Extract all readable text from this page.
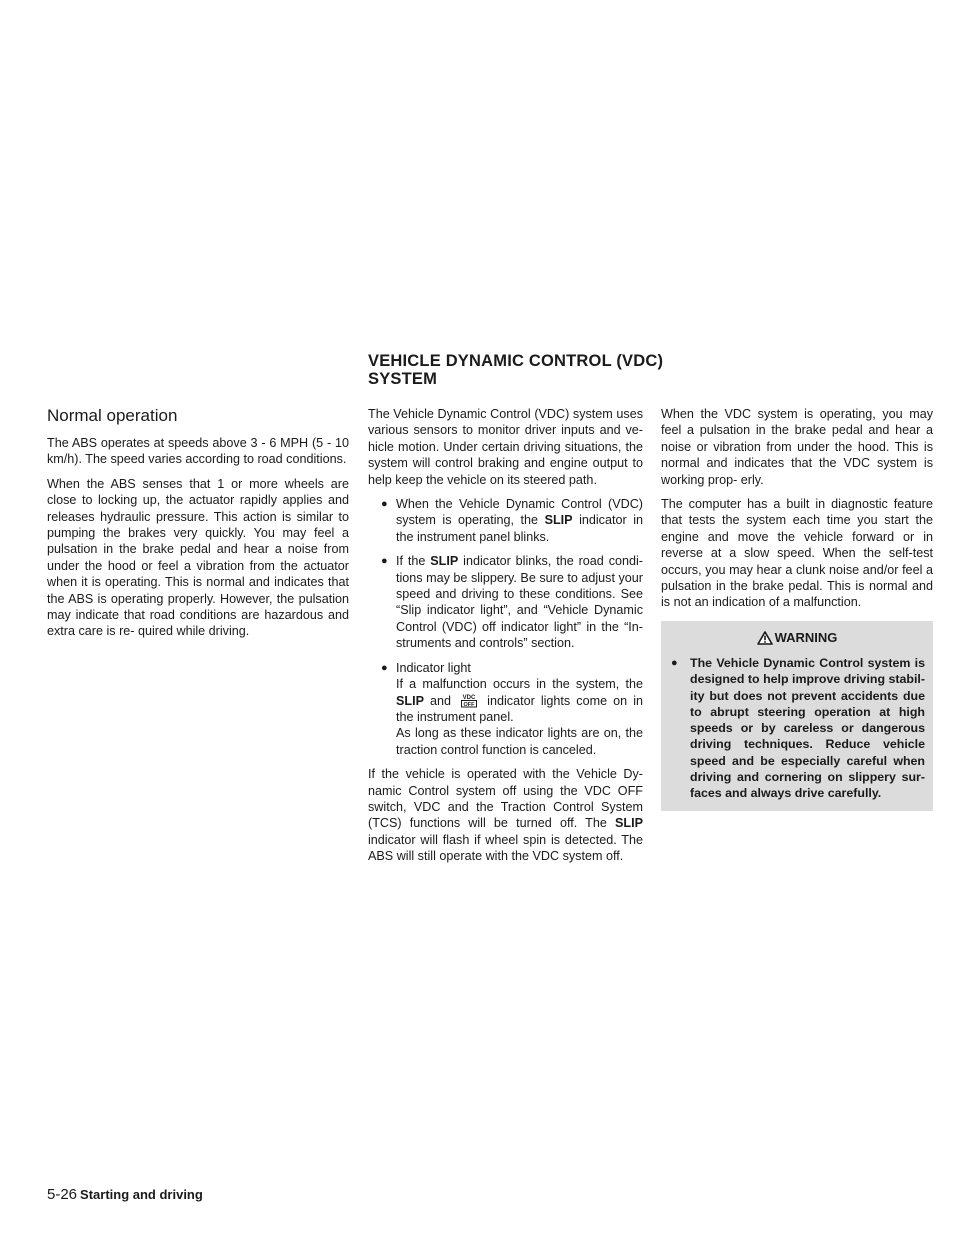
VEHICLE DYNAMIC CONTROL (VDC) SYSTEM
Normal operation

The ABS operates at speeds above 3 - 6 MPH (5 - 10 km/h). The speed varies according to road conditions.

When the ABS senses that 1 or more wheels are close to locking up, the actuator rapidly applies and releases hydraulic pressure. This action is similar to pumping the brakes very quickly. You may feel a pulsation in the brake pedal and hear a noise from under the hood or feel a vibration from the actuator when it is operating. This is normal and indicates that the ABS is operating properly. However, the pulsation may indicate that road conditions are hazardous and extra care is re- quired while driving.

The Vehicle Dynamic Control (VDC) system uses various sensors to monitor driver inputs and ve- hicle motion. Under certain driving situations, the system will control braking and engine output to help keep the vehicle on its steered path.

● When the Vehicle Dynamic Control (VDC) system is operating, the SLIP indicator in the instrument panel blinks.
● If the SLIP indicator blinks, the road condi- tions may be slippery. Be sure to adjust your speed and driving to these conditions. See “Slip indicator light”, and “Vehicle Dynamic Control (VDC) off indicator light” in the “In- struments and controls” section.
● Indicator light
If a malfunction occurs in the system, the SLIP and VDC
OFF indicator lights come on in the instrument panel.
As long as these indicator lights are on, the traction control function is canceled.

If the vehicle is operated with the Vehicle Dy- namic Control system off using the VDC OFF switch, VDC and the Traction Control System (TCS) functions will be turned off. The SLIP indicator will flash if wheel spin is detected. The ABS will still operate with the VDC system off.

When the VDC system is operating, you may feel a pulsation in the brake pedal and hear a noise or vibration from under the hood. This is normal and indicates that the VDC system is working prop- erly.

The computer has a built in diagnostic feature that tests the system each time you start the engine and move the vehicle forward or in reverse at a slow speed. When the self-test occurs, you may hear a clunk noise and/or feel a pulsation in the brake pedal. This is normal and is not an indication of a malfunction.

WARNING
● The Vehicle Dynamic Control system is designed to help improve driving stabil- ity but does not prevent accidents due to abrupt steering operation at high speeds or by careless or dangerous driving techniques. Reduce vehicle speed and be especially careful when driving and cornering on slippery sur- faces and always drive carefully.
5-26 Starting and driving
